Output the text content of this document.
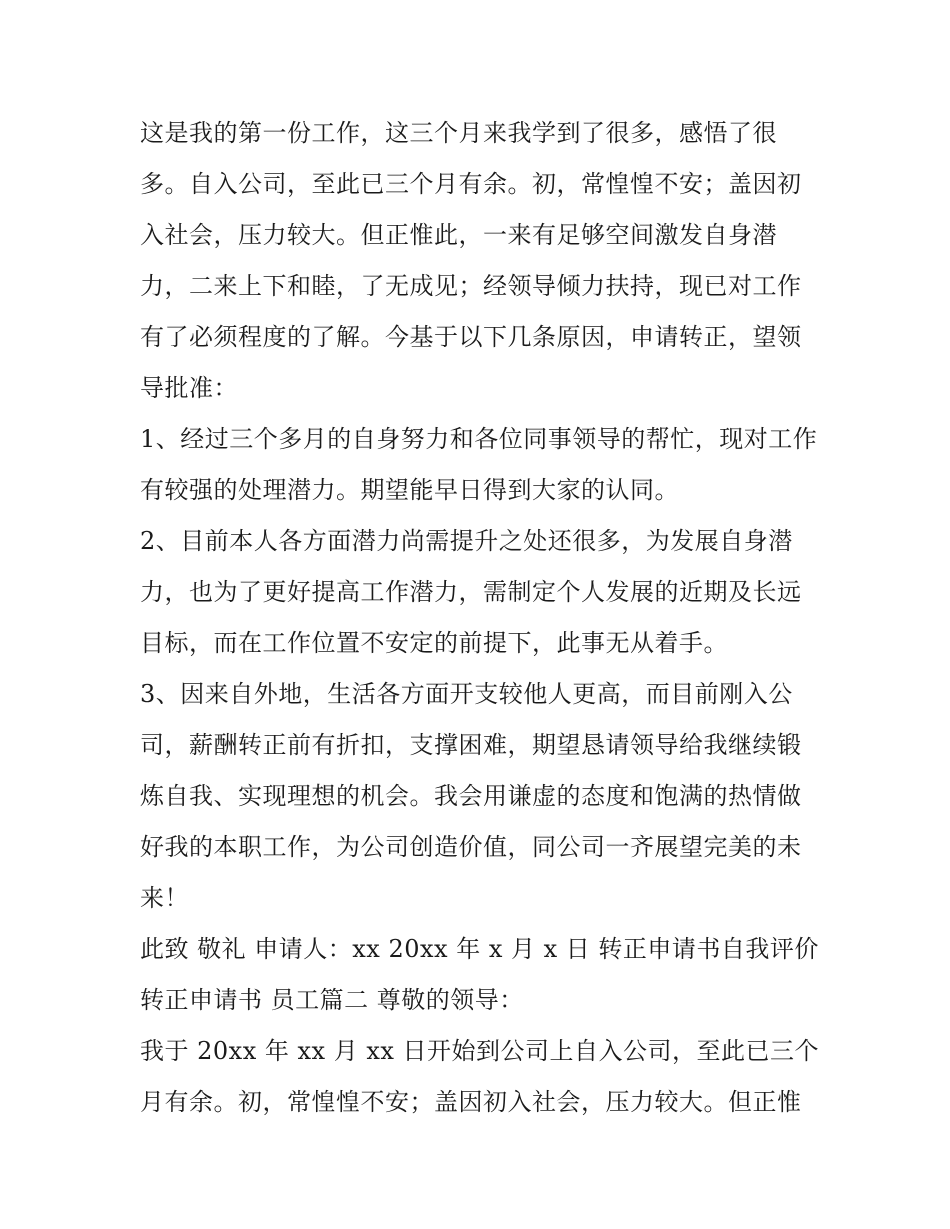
这是我的第一份工作，这三个月来我学到了很多，感悟了很多。自入公司，至此已三个月有余。初，常惶惶不安；盖因初入社会，压力较大。但正惟此，一来有足够空间激发自身潜力，二来上下和睦，了无成见；经领导倾力扶持，现已对工作有了必须程度的了解。今基于以下几条原因，申请转正，望领导批准：

1、经过三个多月的自身努力和各位同事领导的帮忙，现对工作有较强的处理潜力。期望能早日得到大家的认同。

2、目前本人各方面潜力尚需提升之处还很多，为发展自身潜力，也为了更好提高工作潜力，需制定个人发展的近期及长远目标，而在工作位置不安定的前提下，此事无从着手。

3、因来自外地，生活各方面开支较他人更高，而目前刚入公司，薪酬转正前有折扣，支撑困难，期望恳请领导给我继续锻炼自我、实现理想的机会。我会用谦虚的态度和饱满的热情做好我的本职工作，为公司创造价值，同公司一齐展望完美的未来！

此致 敬礼 申请人：xx 20xx 年 x 月 x 日 转正申请书自我评价转正申请书 员工篇二 尊敬的领导：

我于 20xx 年 xx 月 xx 日开始到公司上自入公司，至此已三个月有余。初，常惶惶不安；盖因初入社会，压力较大。但正惟
